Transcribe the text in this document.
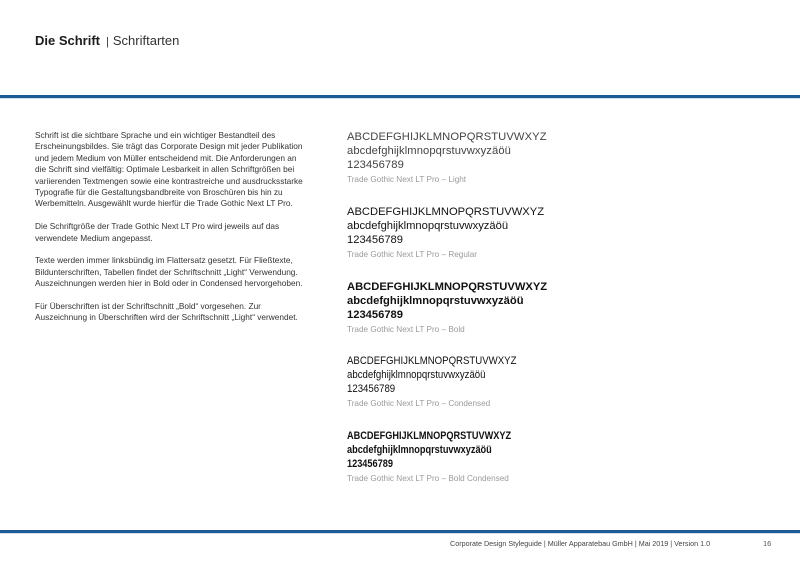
Die Schrift | Schriftarten

Schrift ist die sichtbare Sprache und ein wichtiger Bestandteil des Erscheinungsbildes. Sie trägt das Corporate Design mit jeder Publikation und jedem Medium von Müller entscheidend mit. Die Anforderungen an die Schrift sind vielfältig: Optimale Lesbarkeit in allen Schriftgrößen bei variierenden Textmengen sowie eine kontrastreiche und ausdrucksstarke Typografie für die Gestaltungsbandbreite von Broschüren bis hin zu Werbemitteln. Ausgewählt wurde hierfür die Trade Gothic Next LT Pro.

Die Schriftgröße der Trade Gothic Next LT Pro wird jeweils auf das verwendete Medium angepasst.

Texte werden immer linksbündig im Flattersatz gesetzt. Für Fließtexte, Bildunterschriften, Tabellen findet der Schriftschnitt „Light“ Verwendung. Auszeichnungen werden hier in Bold oder in Condensed hervorgehoben.

Für Überschriften ist der Schriftschnitt „Bold“ vorgesehen. Zur Auszeichnung in Überschriften wird der Schriftschnitt „Light“ verwendet.

ABCDEFGHIJKLMNOPQRSTUVWXYZ
abcdefghijklmnopqrstuvwxyzäöü
123456789
Trade Gothic Next LT Pro – Light
ABCDEFGHIJKLMNOPQRSTUVWXYZ
abcdefghijklmnopqrstuvwxyzäöü
123456789
Trade Gothic Next LT Pro – Regular
ABCDEFGHIJKLMNOPQRSTUVWXYZ
abcdefghijklmnopqrstuvwxyzäöü
123456789
Trade Gothic Next LT Pro – Bold
ABCDEFGHIJKLMNOPQRSTUVWXYZ
abcdefghijklmnopqrstuvwxyzäöü
123456789
Trade Gothic Next LT Pro – Condensed
ABCDEFGHIJKLMNOPQRSTUVWXYZ
abcdefghijklmnopqrstuvwxyzäöü
123456789
Trade Gothic Next LT Pro – Bold Condensed
Corporate Design Styleguide | Müller Apparatebau GmbH | Mai 2019 | Version 1.0	16
